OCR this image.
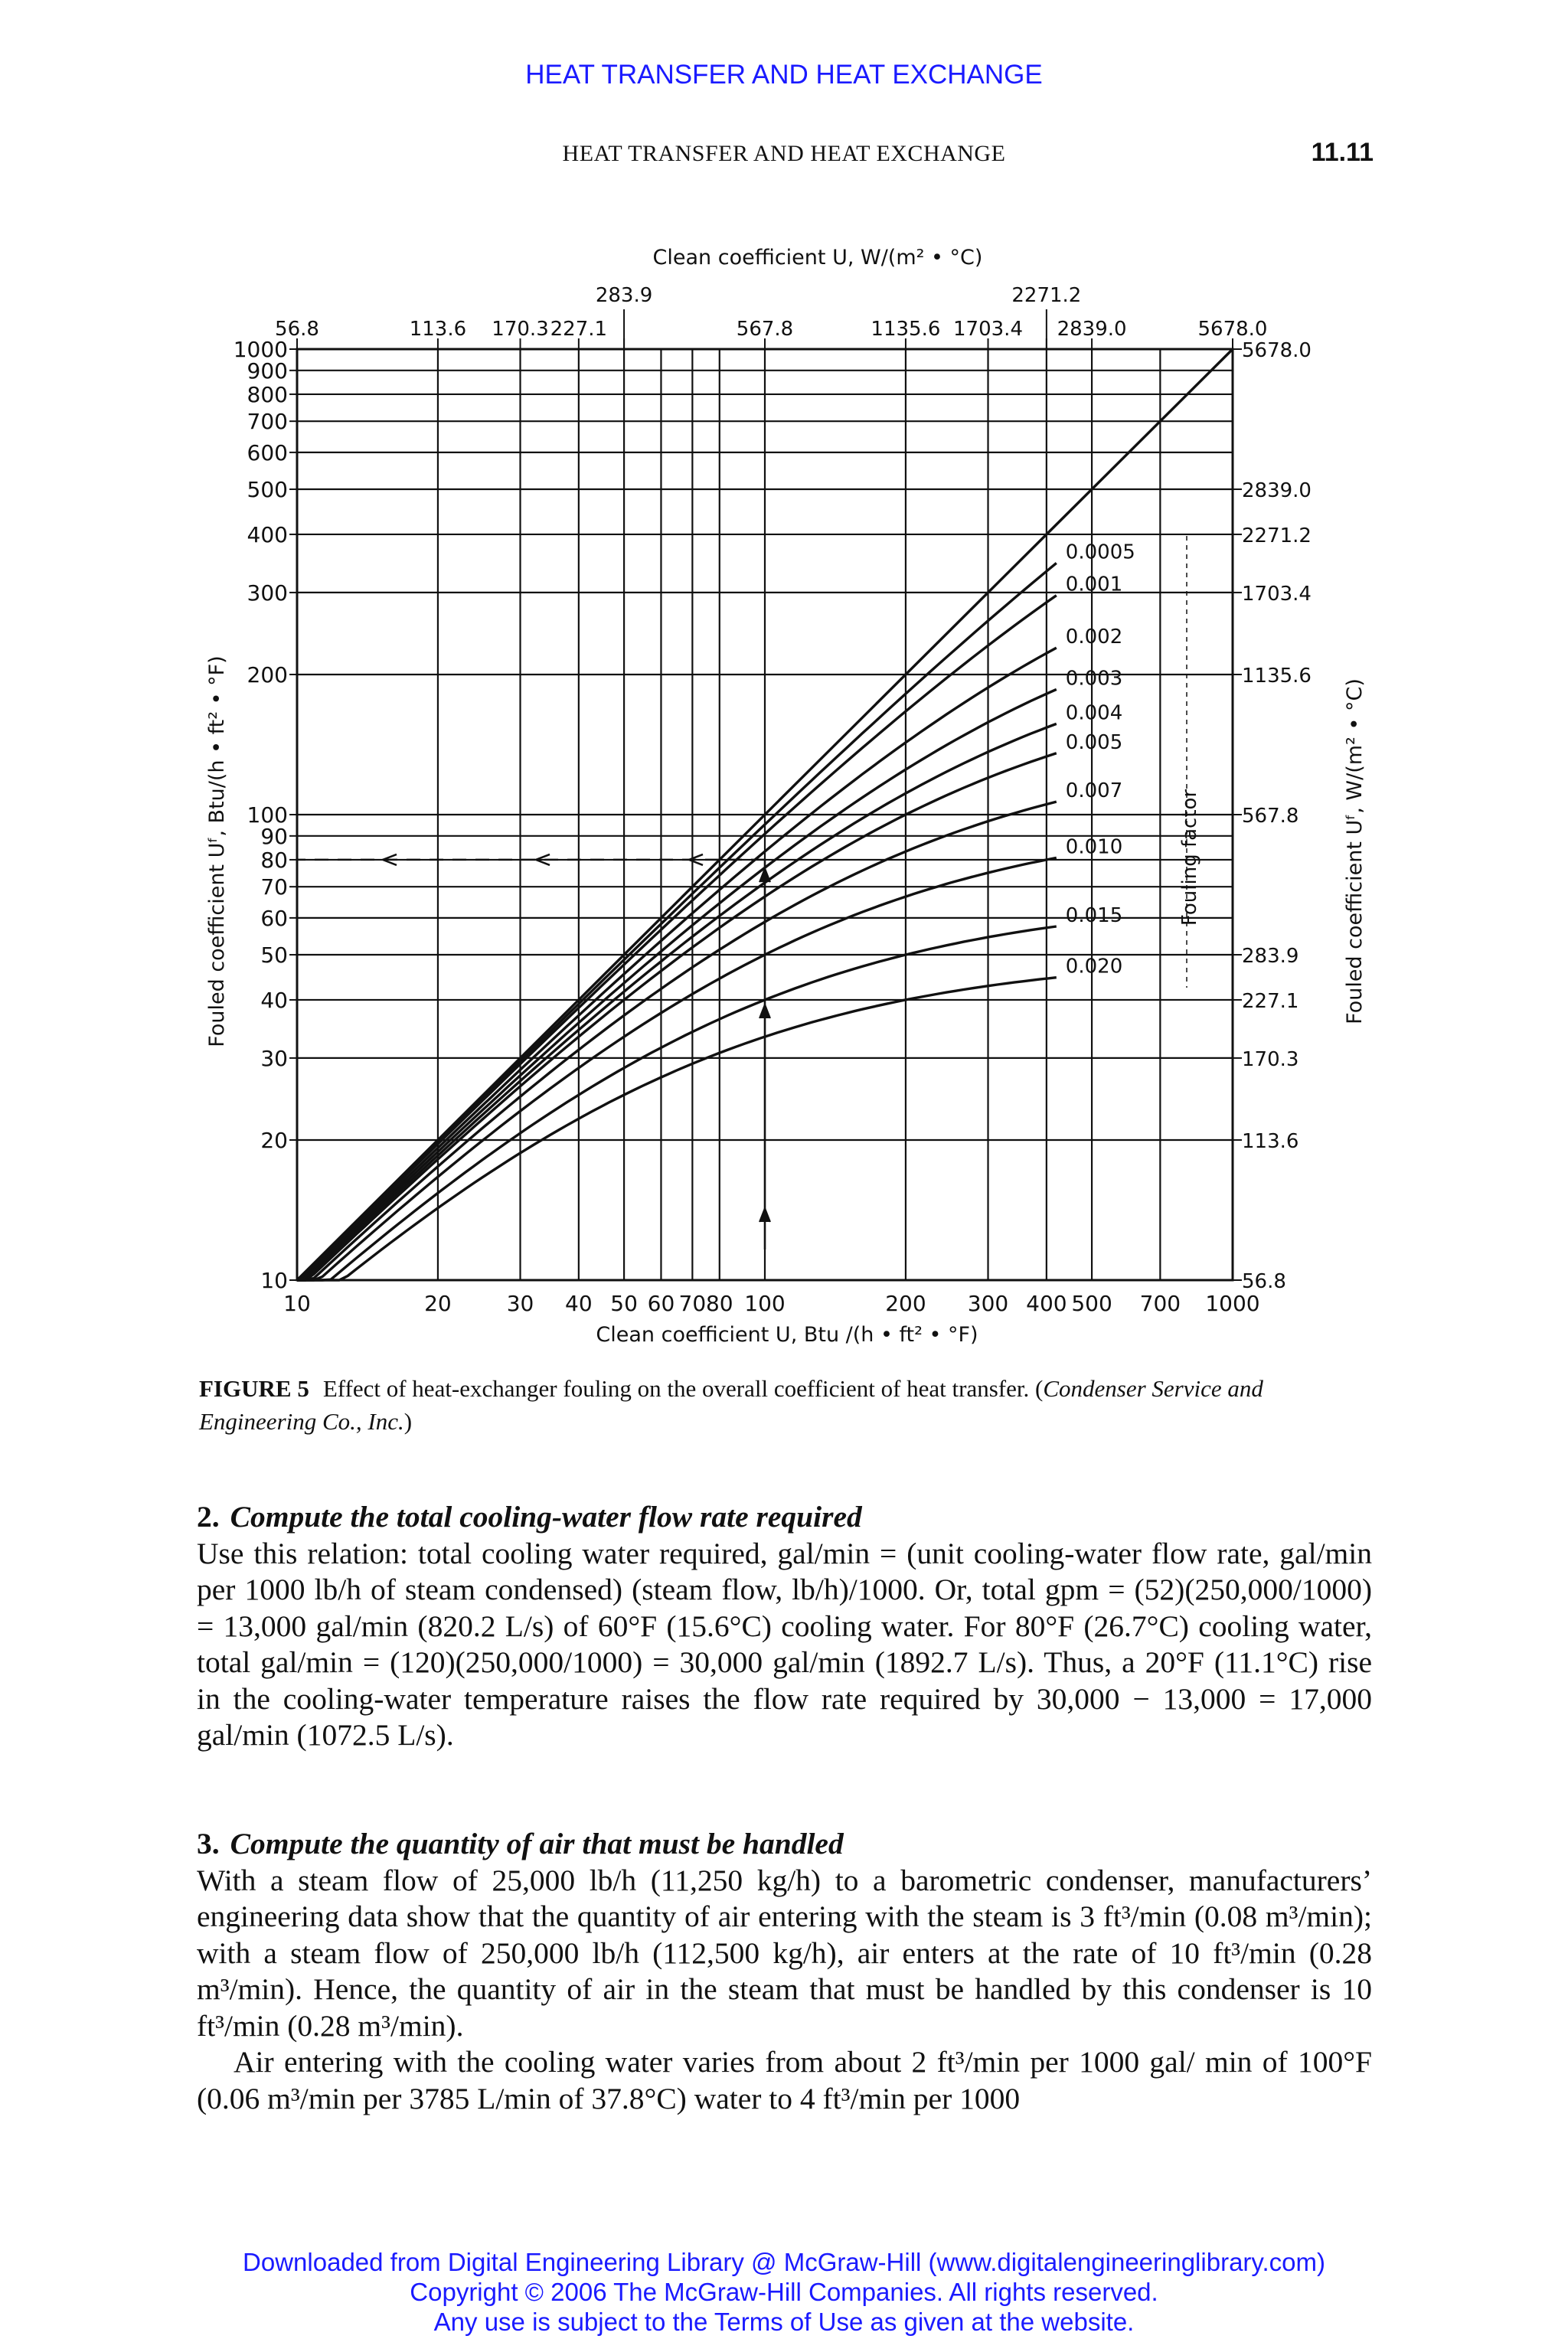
HEAT TRANSFER AND HEAT EXCHANGE
HEAT TRANSFER AND HEAT EXCHANGE	11.11
10	20	30 40 50 60 70 80 100	200 300 400 500 700 1000
10
20
30
40
50
60
70
80
90
100
200
300
400
500
600
700
800
900
1000
56.8	113.6 170.3 227.1
283.9
567.8	1135.6 1703.4
2271.2
2839.0	5678.0
5678.0
2839.0
2271.2
1703.4
1135.6
567.8
283.9
227.1
170.3
113.6
56.8
0.0005
0.001
0.002
0.003
0.004
0.005
0.007
0.010
0.015
0.020
Clean coefficient U, W/(m² • °C)
Clean coefficient U, Btu /(h • ft² • °F)
Fouled coefficient Uᶠ, Btu/(h • ft² • °F)	Fouled coefficient Uᶠ, W/(m² • °C)
Fouling factor
FIGURE 5 Effect of heat-exchanger fouling on the overall coefficient of heat transfer. (Condenser Service and Engineering Co., Inc.)
2. Compute the total cooling-water flow rate required
Use this relation: total cooling water required, gal/min = (unit cooling-water flow rate, gal/min per 1000 lb/h of steam condensed) (steam flow, lb/h)/1000. Or, total gpm = (52)(250,000/1000) = 13,000 gal/min (820.2 L/s) of 60°F (15.6°C) cooling water. For 80°F (26.7°C) cooling water, total gal/min = (120)(250,000/1000) = 30,000 gal/min (1892.7 L/s). Thus, a 20°F (11.1°C) rise in the cooling-water temperature raises the flow rate required by 30,000 − 13,000 = 17,000 gal/min (1072.5 L/s).
3. Compute the quantity of air that must be handled
With a steam flow of 25,000 lb/h (11,250 kg/h) to a barometric condenser, manufacturers’ engineering data show that the quantity of air entering with the steam is 3 ft³/min (0.08 m³/min); with a steam flow of 250,000 lb/h (112,500 kg/h), air enters at the rate of 10 ft³/min (0.28 m³/min). Hence, the quantity of air in the steam that must be handled by this condenser is 10 ft³/min (0.28 m³/min).
Air entering with the cooling water varies from about 2 ft³/min per 1000 gal/ min of 100°F (0.06 m³/min per 3785 L/min of 37.8°C) water to 4 ft³/min per 1000
Downloaded from Digital Engineering Library @ McGraw-Hill (www.digitalengineeringlibrary.com)
Copyright © 2006 The McGraw-Hill Companies. All rights reserved.
Any use is subject to the Terms of Use as given at the website.
